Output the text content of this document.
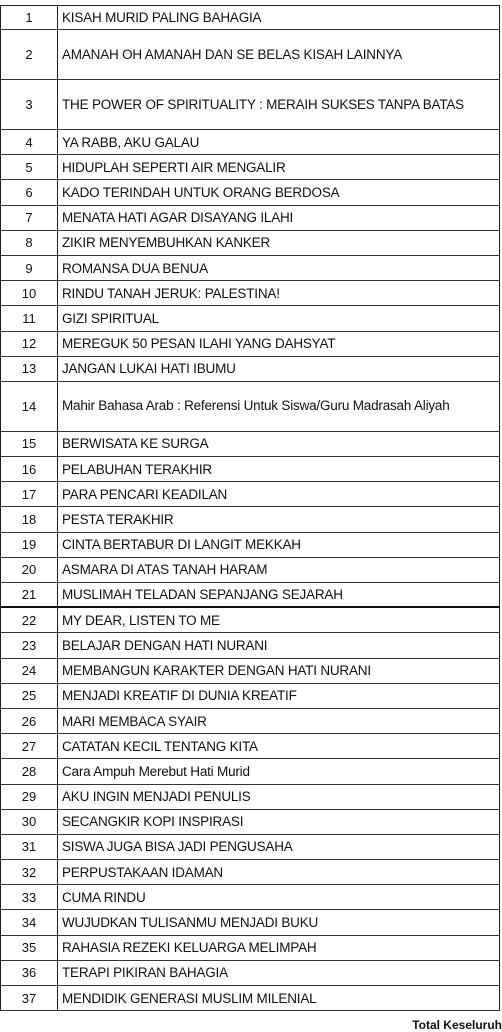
1	KISAH MURID PALING BAHAGIA
2	AMANAH OH AMANAH DAN SE BELAS KISAH LAINNYA
3	THE POWER OF SPIRITUALITY : MERAIH SUKSES TANPA BATAS
4	YA RABB, AKU GALAU
5	HIDUPLAH SEPERTI AIR MENGALIR
6	KADO TERINDAH UNTUK ORANG BERDOSA
7	MENATA HATI AGAR DISAYANG ILAHI
8	ZIKIR MENYEMBUHKAN KANKER
9	ROMANSA DUA BENUA
10	RINDU TANAH JERUK: PALESTINA!
11	GIZI SPIRITUAL
12	MEREGUK 50 PESAN ILAHI YANG DAHSYAT
13	JANGAN LUKAI HATI IBUMU
14	Mahir Bahasa Arab : Referensi Untuk Siswa/Guru Madrasah Aliyah
15	BERWISATA KE SURGA
16	PELABUHAN TERAKHIR
17	PARA PENCARI KEADILAN
18	PESTA TERAKHIR
19	CINTA BERTABUR DI LANGIT MEKKAH
20	ASMARA DI ATAS TANAH HARAM
21	MUSLIMAH TELADAN SEPANJANG SEJARAH
22	MY DEAR, LISTEN TO ME
23	BELAJAR DENGAN HATI NURANI
24	MEMBANGUN KARAKTER DENGAN HATI NURANI
25	MENJADI KREATIF DI DUNIA KREATIF
26	MARI MEMBACA SYAIR
27	CATATAN KECIL TENTANG KITA
28	Cara Ampuh Merebut Hati Murid
29	AKU INGIN MENJADI PENULIS
30	SECANGKIR KOPI INSPIRASI
31	SISWA JUGA BISA JADI PENGUSAHA
32	PERPUSTAKAAN IDAMAN
33	CUMA RINDU
34	WUJUDKAN TULISANMU MENJADI BUKU
35	RAHASIA REZEKI KELUARGA MELIMPAH
36	TERAPI PIKIRAN BAHAGIA
37	MENDIDIK GENERASI MUSLIM MILENIAL
Total Keseluruh
